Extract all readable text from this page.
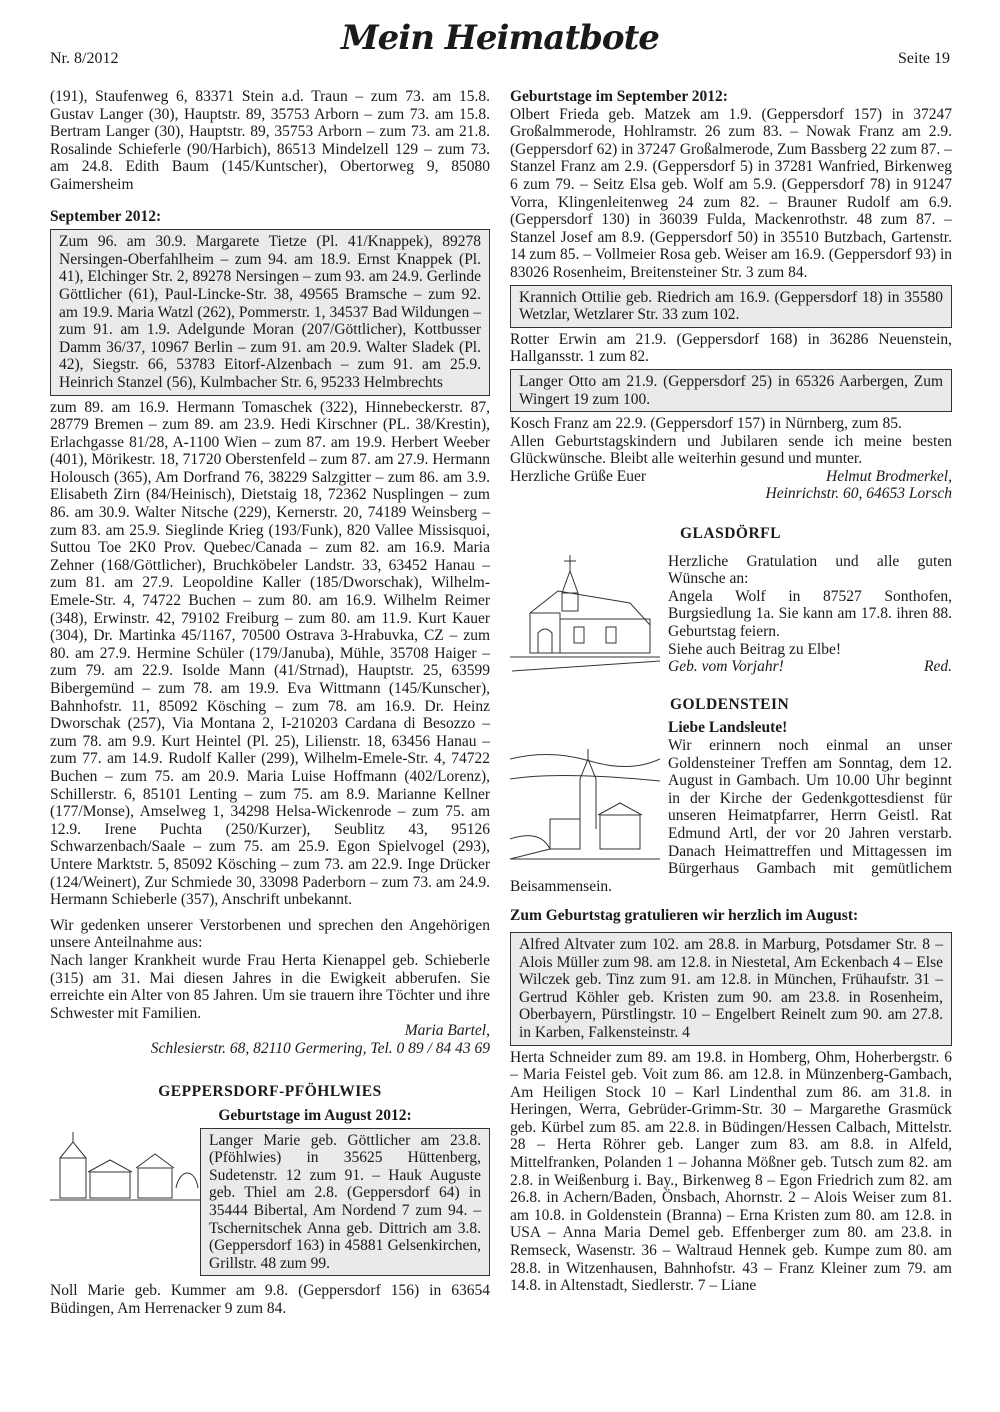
Nr. 8/2012
Mein Heimatbote
Seite 19

(191), Staufenweg 6, 83371 Stein a.d. Traun – zum 73. am 15.8. Gustav Langer (30), Hauptstr. 89, 35753 Arborn – zum 73. am 15.8. Bertram Langer (30), Hauptstr. 89, 35753 Arborn – zum 73. am 21.8. Rosalinde Schieferle (90/Harbich), 86513 Mindelzell 129 – zum 73. am 24.8. Edith Baum (145/Kuntscher), Obertorweg 9, 85080 Gaimersheim

September 2012:

Zum 96. am 30.9. Margarete Tietze (Pl. 41/Knappek), 89278 Nersingen-Oberfahlheim – zum 94. am 18.9. Ernst Knappek (Pl. 41), Elchinger Str. 2, 89278 Nersingen – zum 93. am 24.9. Gerlinde Göttlicher (61), Paul-Lincke-Str. 38, 49565 Bramsche – zum 92. am 19.9. Maria Watzl (262), Pommerstr. 1, 34537 Bad Wildungen – zum 91. am 1.9. Adelgunde Moran (207/Göttlicher), Kottbusser Damm 36/37, 10967 Berlin – zum 91. am 20.9. Walter Sladek (Pl. 42), Siegstr. 66, 53783 Eitorf-Alzenbach – zum 91. am 25.9. Heinrich Stanzel (56), Kulmbacher Str. 6, 95233 Helmbrechts

zum 89. am 16.9. Hermann Tomaschek (322), Hinnebeckerstr. 87, 28779 Bremen – zum 89. am 23.9. Hedi Kirschner (PL. 38/Krestin), Erlachgasse 81/28, A-1100 Wien – zum 87. am 19.9. Herbert Weeber (401), Mörikestr. 18, 71720 Oberstenfeld – zum 87. am 27.9. Hermann Holousch (365), Am Dorfrand 76, 38229 Salzgitter – zum 86. am 3.9. Elisabeth Zirn (84/Heinisch), Dietstaig 18, 72362 Nusplingen – zum 86. am 30.9. Walter Nitsche (229), Kernerstr. 20, 74189 Weinsberg – zum 83. am 25.9. Sieglinde Krieg (193/Funk), 820 Vallee Missisquoi, Suttou Toe 2K0 Prov. Quebec/Canada – zum 82. am 16.9. Maria Zehner (168/Göttlicher), Bruchköbeler Landstr. 33, 63452 Hanau – zum 81. am 27.9. Leopoldine Kaller (185/Dworschak), Wilhelm-Emele-Str. 4, 74722 Buchen – zum 80. am 16.9. Wilhelm Reimer (348), Erwinstr. 42, 79102 Freiburg – zum 80. am 11.9. Kurt Kauer (304), Dr. Martinka 45/1167, 70500 Ostrava 3-Hrabuvka, CZ – zum 80. am 27.9. Hermine Schüler (179/Januba), Mühle, 35708 Haiger – zum 79. am 22.9. Isolde Mann (41/Strnad), Hauptstr. 25, 63599 Bibergemünd – zum 78. am 19.9. Eva Wittmann (145/Kunscher), Bahnhofstr. 11, 85092 Kösching – zum 78. am 16.9. Dr. Heinz Dworschak (257), Via Montana 2, I-210203 Cardana di Besozzo – zum 78. am 9.9. Kurt Heintel (Pl. 25), Lilienstr. 18, 63456 Hanau – zum 77. am 14.9. Rudolf Kaller (299), Wilhelm-Emele-Str. 4, 74722 Buchen – zum 75. am 20.9. Maria Luise Hoffmann (402/Lorenz), Schillerstr. 6, 85101 Lenting – zum 75. am 8.9. Marianne Kellner (177/Monse), Amselweg 1, 34298 Helsa-Wickenrode – zum 75. am 12.9. Irene Puchta (250/Kurzer), Seublitz 43, 95126 Schwarzenbach/Saale – zum 75. am 25.9. Egon Spielvogel (293), Untere Marktstr. 5, 85092 Kösching – zum 73. am 22.9. Inge Drücker (124/Weinert), Zur Schmiede 30, 33098 Paderborn – zum 73. am 24.9. Hermann Schieberle (357), Anschrift unbekannt.

Wir gedenken unserer Verstorbenen und sprechen den Angehörigen unsere Anteilnahme aus:

Nach langer Krankheit wurde Frau Herta Kienappel geb. Schieberle (315) am 31. Mai diesen Jahres in die Ewigkeit abberufen. Sie erreichte ein Alter von 85 Jahren. Um sie trauern ihre Töchter und ihre Schwester mit Familien.

Maria Bartel,
Schlesierstr. 68, 82110 Germering, Tel. 0 89 / 84 43 69
GEPPERSDORF-PFÖHLWIES
Geburtstage im August 2012:

Langer Marie geb. Göttlicher am 23.8. (Pföhlwies) in 35625 Hüttenberg, Sudetenstr. 12 zum 91. – Hauk Auguste geb. Thiel am 2.8. (Geppersdorf 64) in 35444 Bibertal, Am Nordend 7 zum 94. – Tschernitschek Anna geb. Dittrich am 3.8. (Geppersdorf 163) in 45881 Gelsenkirchen, Grillstr. 48 zum 99.

Noll Marie geb. Kummer am 9.8. (Geppersdorf 156) in 63654 Büdingen, Am Herrenacker 9 zum 84.

Geburtstage im September 2012:

Olbert Frieda geb. Matzek am 1.9. (Geppersdorf 157) in 37247 Großalmmerode, Hohlramstr. 26 zum 83. – Nowak Franz am 2.9. (Geppersdorf 62) in 37247 Großalmerode, Zum Bassberg 22 zum 87. – Stanzel Franz am 2.9. (Geppersdorf 5) in 37281 Wanfried, Birkenweg 6 zum 79. – Seitz Elsa geb. Wolf am 5.9. (Geppersdorf 78) in 91247 Vorra, Klingenleitenweg 24 zum 82. – Brauner Rudolf am 6.9. (Geppersdorf 130) in 36039 Fulda, Mackenrothstr. 48 zum 87. – Stanzel Josef am 8.9. (Geppersdorf 50) in 35510 Butzbach, Gartenstr. 14 zum 85. – Vollmeier Rosa geb. Weiser am 16.9. (Geppersdorf 93) in 83026 Rosenheim, Breitensteiner Str. 3 zum 84.

Krannich Ottilie geb. Riedrich am 16.9. (Geppersdorf 18) in 35580 Wetzlar, Wetzlarer Str. 33 zum 102.

Rotter Erwin am 21.9. (Geppersdorf 168) in 36286 Neuenstein, Hallgansstr. 1 zum 82.

Langer Otto am 21.9. (Geppersdorf 25) in 65326 Aarbergen, Zum Wingert 19 zum 100.

Kosch Franz am 22.9. (Geppersdorf 157) in Nürnberg, zum 85.

Allen Geburtstagskindern und Jubilaren sende ich meine besten Glückwünsche. Bleibt alle weiterhin gesund und munter.

Herzliche Grüße Euer	Helmut Brodmerkel,
Heinrichstr. 60, 64653 Lorsch
GLASDÖRFL

Herzliche Gratulation und alle guten Wünsche an:

Angela Wolf in 87527 Sonthofen, Burgsiedlung 1a. Sie kann am 17.8. ihren 88. Geburtstag feiern.

Siehe auch Beitrag zu Elbe!

Geb. vom Vorjahr!	Red.
GOLDENSTEIN
Liebe Landsleute!

Wir erinnern noch einmal an unser Goldensteiner Treffen am Sonntag, dem 12. August in Gambach. Um 10.00 Uhr beginnt in der Kirche der Gedenkgottesdienst für unseren Heimatpfarrer, Herrn Geistl. Rat Edmund Artl, der vor 20 Jahren verstarb. Danach Heimattreffen und Mittagessen im Bürgerhaus Gambach mit gemütlichem Beisammensein.

Zum Geburtstag gratulieren wir herzlich im August:

Alfred Altvater zum 102. am 28.8. in Marburg, Potsdamer Str. 8 – Alois Müller zum 98. am 12.8. in Niestetal, Am Eckenbach 4 – Else Wilczek geb. Tinz zum 91. am 12.8. in München, Frühaufstr. 31 – Gertrud Köhler geb. Kristen zum 90. am 23.8. in Rosenheim, Oberbayern, Pürstlingstr. 10 – Engelbert Reinelt zum 90. am 27.8. in Karben, Falkensteinstr. 4

Herta Schneider zum 89. am 19.8. in Homberg, Ohm, Hoherbergstr. 6 – Maria Feistel geb. Voit zum 86. am 12.8. in Münzenberg-Gambach, Am Heiligen Stock 10 – Karl Lindenthal zum 86. am 31.8. in Heringen, Werra, Gebrüder-Grimm-Str. 30 – Margarethe Grasmück geb. Kürbel zum 85. am 22.8. in Büdingen/Hessen Calbach, Mittelstr. 28 – Herta Röhrer geb. Langer zum 83. am 8.8. in Alfeld, Mittelfranken, Polanden 1 – Johanna Mößner geb. Tutsch zum 82. am 2.8. in Weißenburg i. Bay., Birkenweg 8 – Egon Friedrich zum 82. am 26.8. in Achern/Baden, Önsbach, Ahornstr. 2 – Alois Weiser zum 81. am 10.8. in Goldenstein (Branna) – Erna Kristen zum 80. am 12.8. in USA – Anna Maria Demel geb. Effenberger zum 80. am 23.8. in Remseck, Wasenstr. 36 – Waltraud Hennek geb. Kumpe zum 80. am 28.8. in Witzenhausen, Bahnhofstr. 43 – Franz Kleiner zum 79. am 14.8. in Altenstadt, Siedlerstr. 7 – Liane
